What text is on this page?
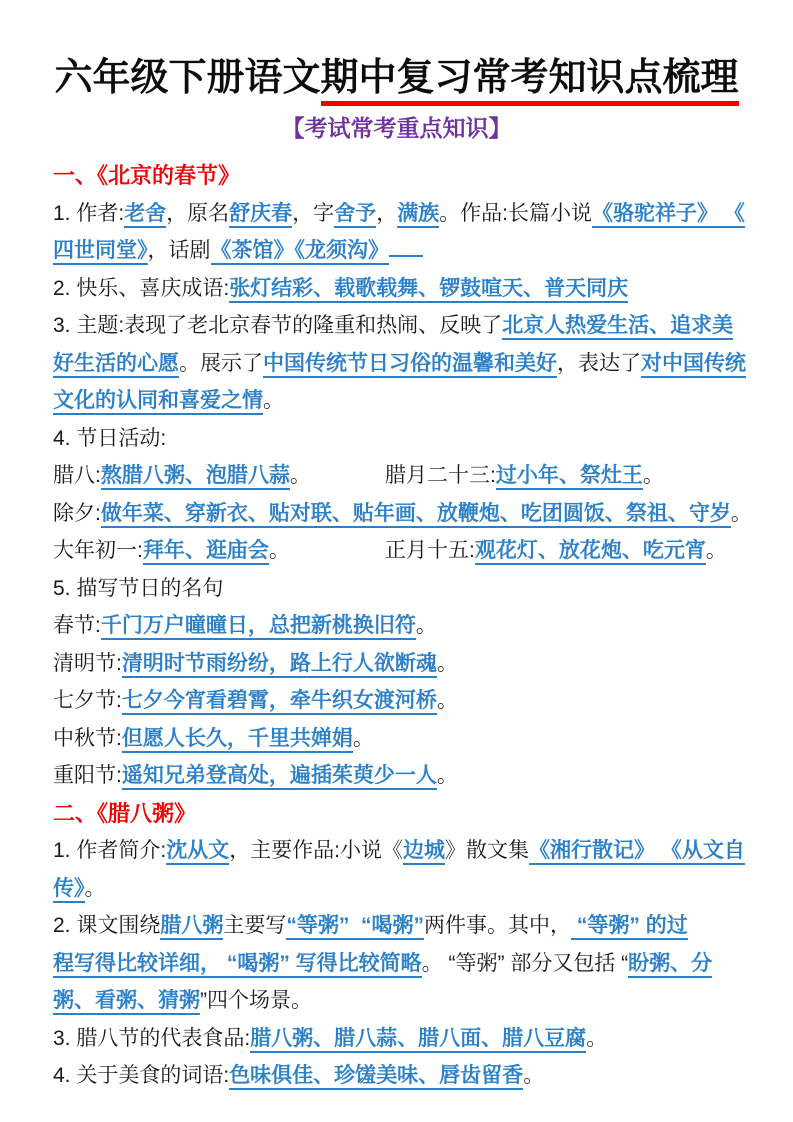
六年级下册语文期中复习常考知识点梳理
【考试常考重点知识】
一、《北京的春节》
1. 作者:老舍，原名舒庆春，字舍予，满族。作品:长篇小说《骆驼祥子》 《
四世同堂》，话剧《茶馆》《龙须沟》
2. 快乐、喜庆成语:张灯结彩、载歌载舞、锣鼓喧天、普天同庆
3. 主题:表现了老北京春节的隆重和热闹、反映了北京人热爱生活、追求美
好生活的心愿。展示了中国传统节日习俗的温馨和美好，表达了对中国传统
文化的认同和喜爱之情。
4. 节日活动:
腊八:熬腊八粥、泡腊八蒜。	腊月二十三:过小年、祭灶王。
除夕:做年菜、穿新衣、贴对联、贴年画、放鞭炮、吃团圆饭、祭祖、守岁。
大年初一:拜年、逛庙会。	正月十五:观花灯、放花炮、吃元宵。
5. 描写节日的名句
春节:千门万户曈曈日，总把新桃换旧符。
清明节:清明时节雨纷纷，路上行人欲断魂。
七夕节:七夕今宵看碧霄，牵牛织女渡河桥。
中秋节:但愿人长久，千里共婵娟。
重阳节:遥知兄弟登高处，遍插茱萸少一人。
二、《腊八粥》
1. 作者简介:沈从文，主要作品:小说《边城》散文集《湘行散记》 《从文自
传》。
2. 课文围绕腊八粥主要写“等粥”  “喝粥”两件事。其中， “等粥” 的过
程写得比较详细， “喝粥” 写得比较简略。 “等粥” 部分又包括 “盼粥、分
粥、看粥、猜粥”四个场景。
3. 腊八节的代表食品:腊八粥、腊八蒜、腊八面、腊八豆腐。
4. 关于美食的词语:色味俱佳、珍馐美味、唇齿留香。
